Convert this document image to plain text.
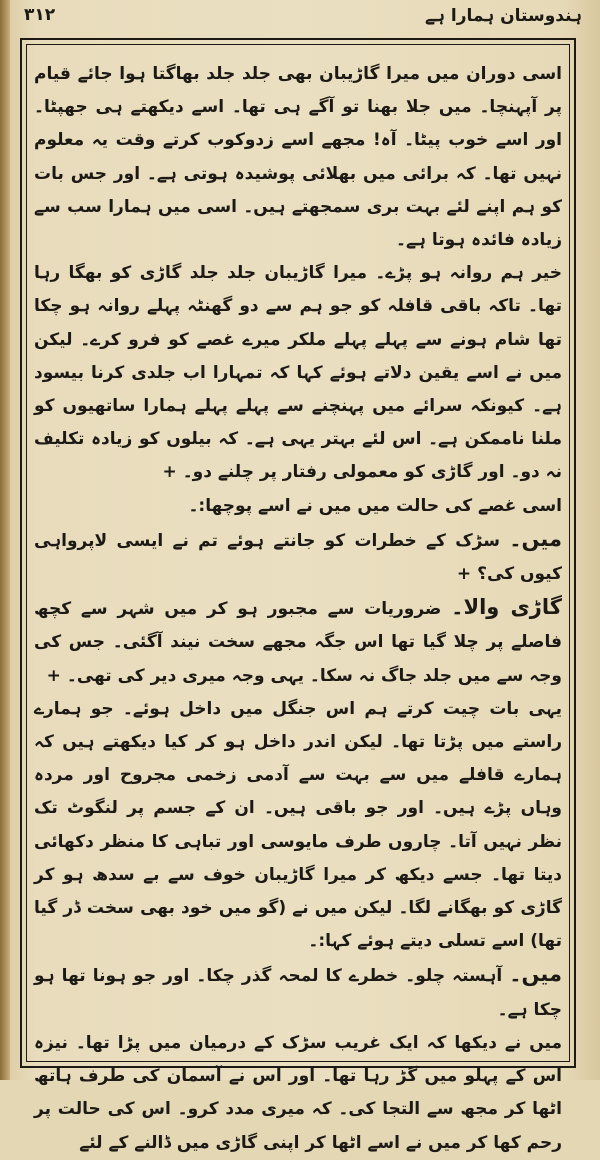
ہندوستان ہمارا ہے
۳۱۲

اسی دوران میں میرا گاڑیبان بھی جلد جلد بھاگتا ہوا جائے قیام پر آپہنچا۔ میں جلا بھنا تو آگے ہی تھا۔ اسے دیکھتے ہی جھپٹا۔ اور اسے خوب پیٹا۔ آہ! مجھے اسے زدوکوب کرتے وقت یہ معلوم نہیں تھا۔ کہ برائی میں بھلائی پوشیدہ ہوتی ہے۔ اور جس بات کو ہم اپنے لئے بہت بری سمجھتے ہیں۔ اسی میں ہمارا سب سے زیادہ فائدہ ہوتا ہے۔

خیر ہم روانہ ہو پڑے۔ میرا گاڑیبان جلد جلد گاڑی کو بھگا رہا تھا۔ تاکہ باقی قافلہ کو جو ہم سے دو گھنٹہ پہلے روانہ ہو چکا تھا شام ہونے سے پہلے پہلے ملکر میرے غصے کو فرو کرے۔ لیکن میں نے اسے یقین دلاتے ہوئے کہا کہ تمہارا اب جلدی کرنا بیسود ہے۔ کیونکہ سرائے میں پہنچنے سے پہلے پہلے ہمارا ساتھیوں کو ملنا ناممکن ہے۔ اس لئے بہتر یہی ہے۔ کہ بیلوں کو زیادہ تکلیف نہ دو۔ اور گاڑی کو معمولی رفتار پر چلنے دو۔+

اسی غصے کی حالت میں میں نے اسے پوچھا:۔

میں۔ سڑک کے خطرات کو جانتے ہوئے تم نے ایسی لاپرواہی کیوں کی؟+

گاڑی والا۔ ضروریات سے مجبور ہو کر میں شہر سے کچھ فاصلے پر چلا گیا تھا اس جگہ مجھے سخت نیند آگئی۔ جس کی وجہ سے میں جلد جاگ نہ سکا۔ یہی وجہ میری دیر کی تھی۔+

یہی بات چیت کرتے ہم اس جنگل میں داخل ہوئے۔ جو ہمارے راستے میں پڑتا تھا۔ لیکن اندر داخل ہو کر کیا دیکھتے ہیں کہ ہمارے قافلے میں سے بہت سے آدمی زخمی مجروح اور مردہ وہاں پڑے ہیں۔ اور جو باقی ہیں۔ ان کے جسم پر لنگوٹ تک نظر نہیں آتا۔ چاروں طرف مایوسی اور تباہی کا منظر دکھائی دیتا تھا۔ جسے دیکھ کر میرا گاڑیبان خوف سے بے سدھ ہو کر گاڑی کو بھگانے لگا۔ لیکن میں نے (گو میں خود بھی سخت ڈر گیا تھا) اسے تسلی دیتے ہوئے کہا:۔

میں۔ آہستہ چلو۔ خطرے کا لمحہ گذر چکا۔ اور جو ہونا تھا ہو چکا ہے۔

میں نے دیکھا کہ ایک غریب سڑک کے درمیان میں پڑا تھا۔ نیزہ اس کے پہلو میں گڑ رہا تھا۔ اور اس نے آسمان کی طرف ہاتھ اٹھا کر مجھ سے التجا کی۔ کہ میری مدد کرو۔ اس کی حالت پر رحم کھا کر میں نے اسے اٹھا کر اپنی گاڑی میں ڈالنے کے لئے
